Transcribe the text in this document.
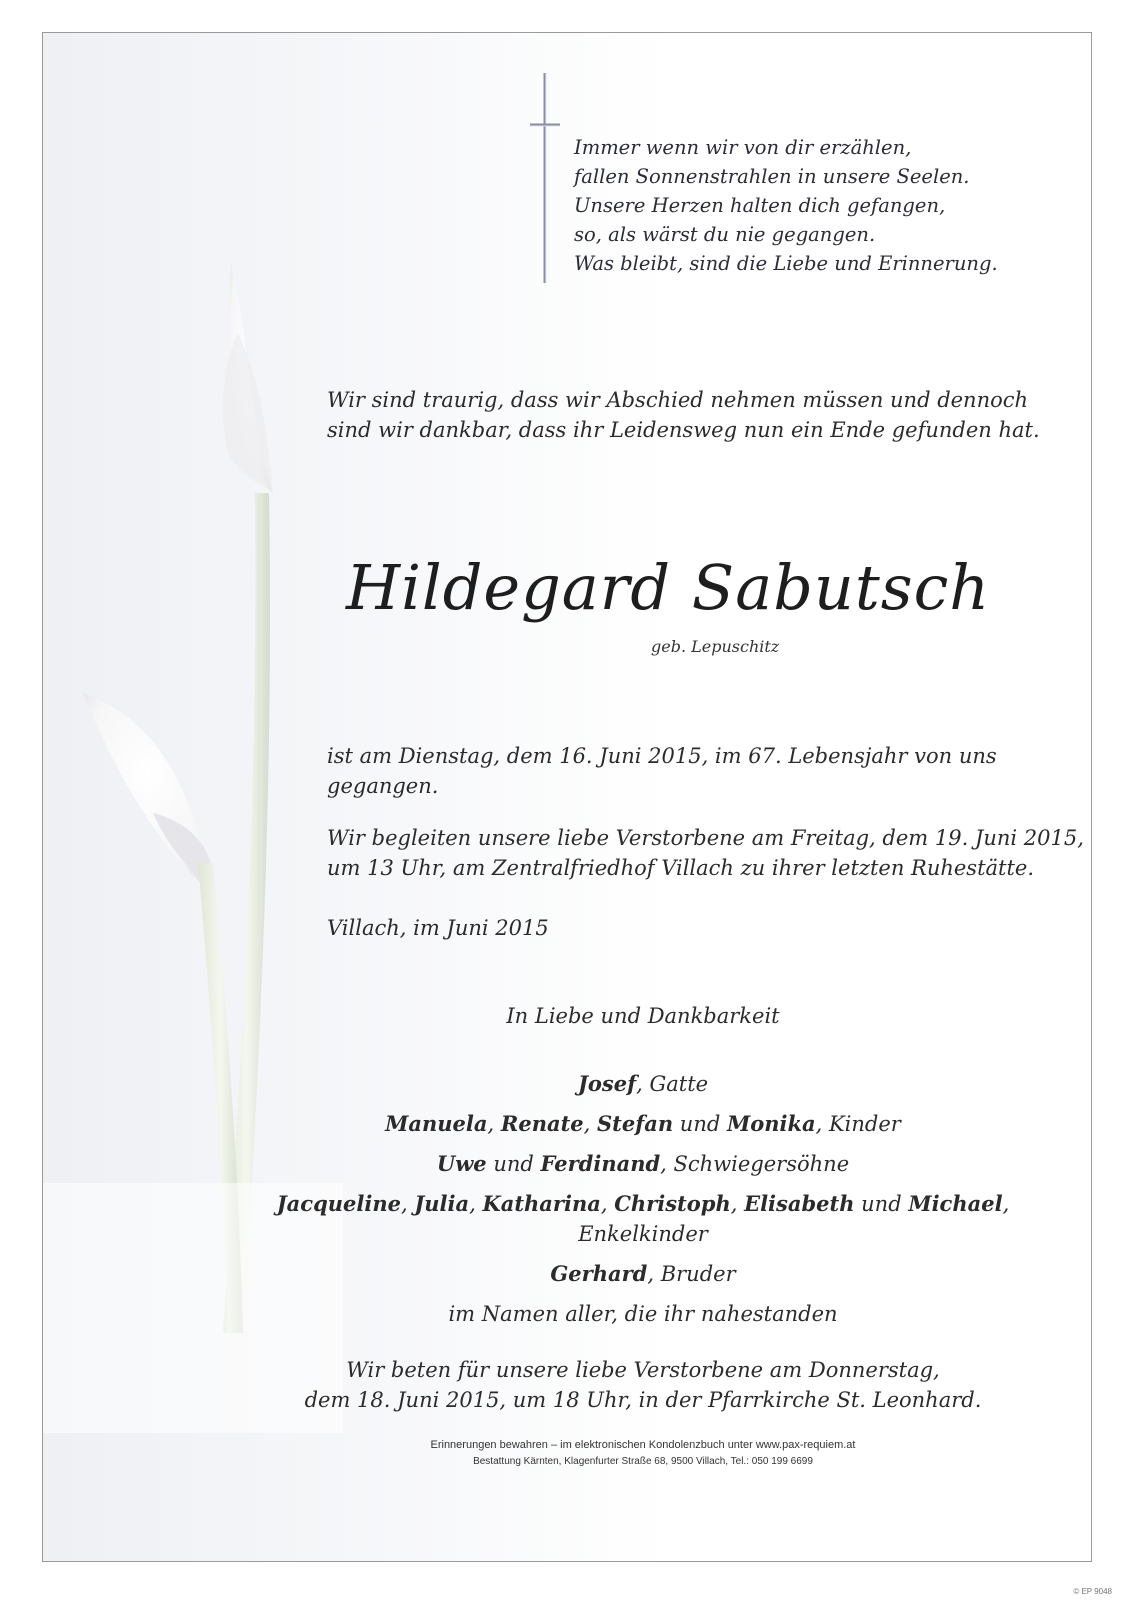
Immer wenn wir von dir erzählen,
fallen Sonnenstrahlen in unsere Seelen.
Unsere Herzen halten dich gefangen,
so, als wärst du nie gegangen.
Was bleibt, sind die Liebe und Erinnerung.
Wir sind traurig, dass wir Abschied nehmen müssen und dennoch
sind wir dankbar, dass ihr Leidensweg nun ein Ende gefunden hat.
Hildegard Sabutsch
geb. Lepuschitz
ist am Dienstag, dem 16. Juni 2015, im 67. Lebensjahr von uns
gegangen.
Wir begleiten unsere liebe Verstorbene am Freitag, dem 19. Juni 2015,
um 13 Uhr, am Zentralfriedhof Villach zu ihrer letzten Ruhestätte.
Villach, im Juni 2015
In Liebe und Dankbarkeit
Josef, Gatte
Manuela, Renate, Stefan und Monika, Kinder
Uwe und Ferdinand, Schwiegersöhne
Jacqueline, Julia, Katharina, Christoph, Elisabeth und Michael,
Enkelkinder
Gerhard, Bruder
im Namen aller, die ihr nahestanden
Wir beten für unsere liebe Verstorbene am Donnerstag,
dem 18. Juni 2015, um 18 Uhr, in der Pfarrkirche St. Leonhard.
Erinnerungen bewahren – im elektronischen Kondolenzbuch unter www.pax-requiem.at
Bestattung Kärnten, Klagenfurter Straße 68, 9500 Villach, Tel.: 050 199 6699
© EP 9048
